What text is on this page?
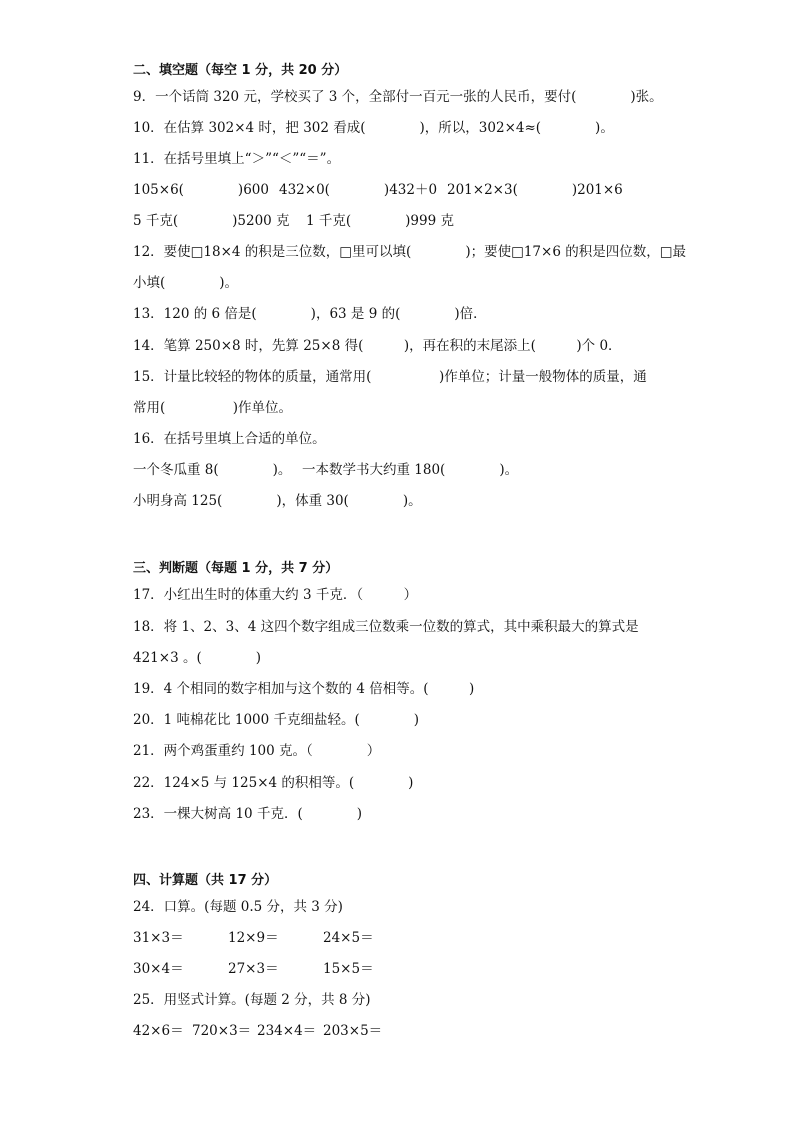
二、填空题（每空 1 分，共 20 分）
9．一个话筒 320 元，学校买了 3 个，全部付一百元一张的人民币，要付(　　　　)张。
10．在估算 302×4 时，把 302 看成(　　　　)，所以，302×4≈(　　　　)。
11．在括号里填上“＞”“＜”“＝”。
105×6(　　　　)600 432×0(　　　　)432＋0 201×2×3(　　　　)201×6
5 千克(　　　　)5200 克 1 千克(　　　　)999 克
12．要使□18×4 的积是三位数，□里可以填(　　　　)；要使□17×6 的积是四位数，□最
小填(　　　　)。
13．120 的 6 倍是(　　　　)，63 是 9 的(　　　　)倍．
14．笔算 250×8 时，先算 25×8 得(　　　)，再在积的末尾添上(　　　)个 0．
15．计量比较轻的物体的质量，通常用(　　　　　)作单位；计量一般物体的质量，通
常用(　　　　　)作单位。
16．在括号里填上合适的单位。
一个冬瓜重 8(　　　　)。 一本数学书大约重 180(　　　　)。
小明身高 125(　　　　)，体重 30(　　　　)。
三、判断题（每题 1 分，共 7 分）
17．小红出生时的体重大约 3 千克．（　　　）
18．将 1、2、3、4 这四个数字组成三位数乘一位数的算式，其中乘积最大的算式是
421×3 。(　　　　)
19．4 个相同的数字相加与这个数的 4 倍相等。(　　　)
20．1 吨棉花比 1000 千克细盐轻。(　　　　)
21．两个鸡蛋重约 100 克。（　　　　）
22．124×5 与 125×4 的积相等。(　　　　)
23．一棵大树高 10 千克．(　　　　)
四、计算题（共 17 分）
24．口算。(每题 0.5 分，共 3 分)
31×3＝	12×9＝	24×5＝
30×4＝	27×3＝	15×5＝
25．用竖式计算。(每题 2 分，共 8 分)
42×6＝ 720×3＝ 234×4＝ 203×5＝
